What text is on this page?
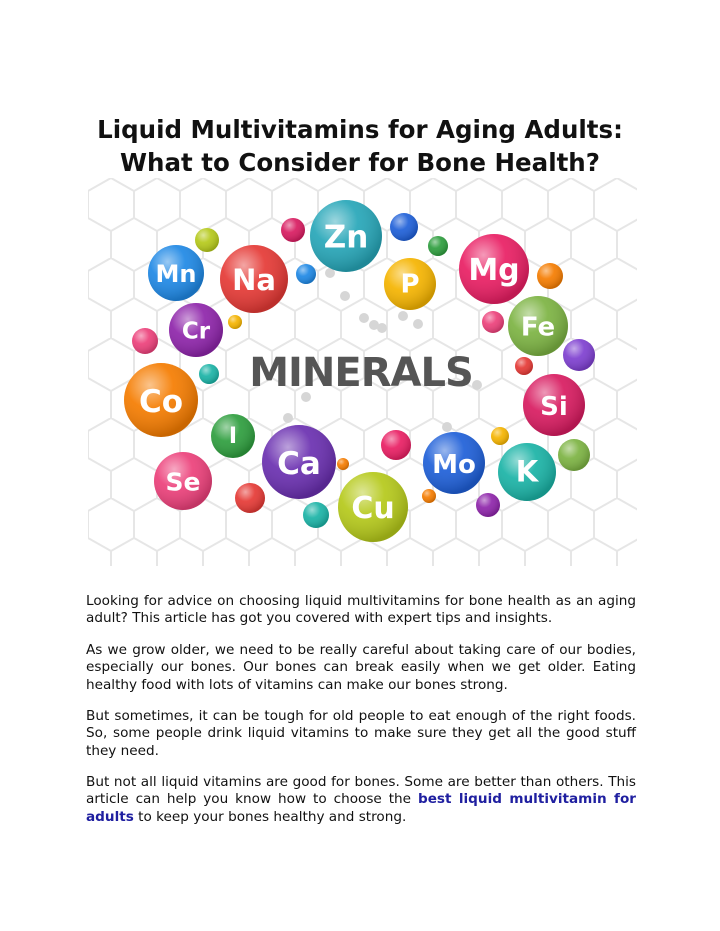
Liquid Multivitamins for Aging Adults:
What to Consider for Bone Health?
Mn Na
Zn
P Mg
Cr	Fe
Co	Si
I
Ca	Mo K
Se
Cu
MINERALS

Looking for advice on choosing liquid multivitamins for bone health as an aging adult? This article has got you covered with expert tips and insights.

As we grow older, we need to be really careful about taking care of our bodies, especially our bones. Our bones can break easily when we get older. Eating healthy food with lots of vitamins can make our bones strong.

But sometimes, it can be tough for old people to eat enough of the right foods. So, some people drink liquid vitamins to make sure they get all the good stuff they need.

But not all liquid vitamins are good for bones. Some are better than others. This article can help you know how to choose the best liquid multivitamin for adults to keep your bones healthy and strong.
